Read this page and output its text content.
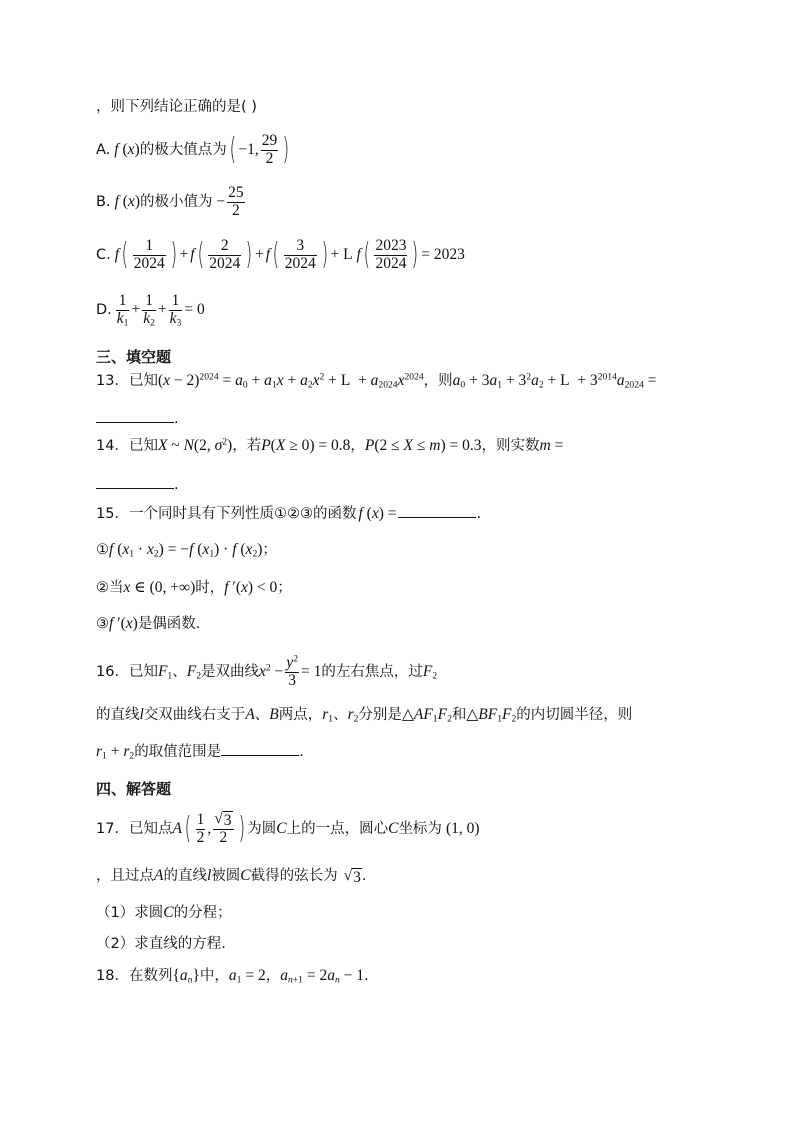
，则下列结论正确的是( )
A. f (x) 的极大值点为 ( −1, $\frac{29}{2}$ )
B. f (x) 的极小值为 − $\frac{25}{2}$
C. f ( $\frac{1}{2024}$ ) + f ( $\frac{2}{2024}$ ) + f ( $\frac{3}{2024}$ ) + L f ( $\frac{2023}{2024}$ ) = 2023
D. $\frac{1}{k_1} + \frac{1}{k_2} + \frac{1}{k_3} = 0$
三、填空题
13．已知$(x - 2)^{2024} = a_0 + a_1x + a_2x^2 + L + a_{2024}x^{2024}$，则$a_0 + 3a_1 + 3^2a_2 + L + 3^{2014}a_{2024}$ =
.
14．已知X ~ N(2, $\sigma^2$)，若P(X ≥ 0) = 0.8，P(2 ≤ X ≤ m) = 0.3，则实数m =
.
15．一个同时具有下列性质①②③的函数 f (x) =	.
①f $(x_1 \cdot x_2) = -f$ $(x_1) \cdot f$ $(x_2)$；
②当x ∈ (0, +∞)时，f ′(x) < 0；
③f ′(x)是偶函数.
16．已知 $F_1$ 、 $F_2$ 是双曲线 $x^2 - \frac{y^2}{3} = 1$ 的左右焦点，过 $F_2$
的直线l交双曲线右支于A、B两点，$r_1$、$r_2$分别是$\triangle AF_1F_2$和$\triangle BF_1F_2$的内切圆半径，则
$r_1 + r_2$的取值范围是	.
四、解答题
17．已知点 A ( $\frac{1}{2}$ , $\frac{√ 3}{2}$ ) 为圆 C 上的一点，圆心 C 坐标为 (1, 0)
，且过点A的直线l被圆C截得的弦长为 √ 3 .
（1）求圆C的分程；
（2）求直线的方程.
18．在数列$\{a_n\}$中，$a_1 = 2$，$a_{n+1} = 2a_n - 1$.
